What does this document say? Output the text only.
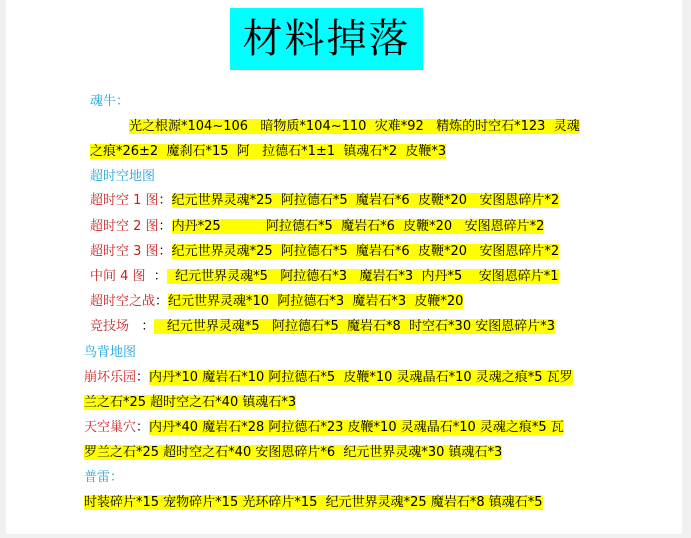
材料掉落
魂牛：
光之根源*104~106   暗物质*104~110  灾难*92   精炼的时空石*123  灵魂
之痕*26±2  魔刹石*15  阿   拉德石*1±1  镇魂石*2  皮鞭*3
超时空地图
超时空 1 图：纪元世界灵魂*25  阿拉德石*5  魔岩石*6  皮鞭*20   安图恩碎片*2
超时空 2 图：内丹*25           阿拉德石*5  魔岩石*6  皮鞭*20   安图恩碎片*2
超时空 3 图：纪元世界灵魂*25  阿拉德石*5  魔岩石*6  皮鞭*20   安图恩碎片*2
中间 4 图  ：  纪元世界灵魂*5   阿拉德石*3   魔岩石*3  内丹*5    安图恩碎片*1
超时空之战：纪元世界灵魂*10  阿拉德石*3  魔岩石*3  皮鞭*20
竞技场   ：   纪元世界灵魂*5   阿拉德石*5  魔岩石*8  时空石*30 安图恩碎片*3
鸟背地图
崩坏乐园：内丹*10 魔岩石*10 阿拉德石*5  皮鞭*10 灵魂晶石*10 灵魂之痕*5 瓦罗
兰之石*25 超时空之石*40 镇魂石*3
天空巢穴：内丹*40 魔岩石*28 阿拉德石*23 皮鞭*10 灵魂晶石*10 灵魂之痕*5 瓦
罗兰之石*25 超时空之石*40 安图恩碎片*6  纪元世界灵魂*30 镇魂石*3
普雷：
时装碎片*15 宠物碎片*15 光环碎片*15  纪元世界灵魂*25 魔岩石*8 镇魂石*5
